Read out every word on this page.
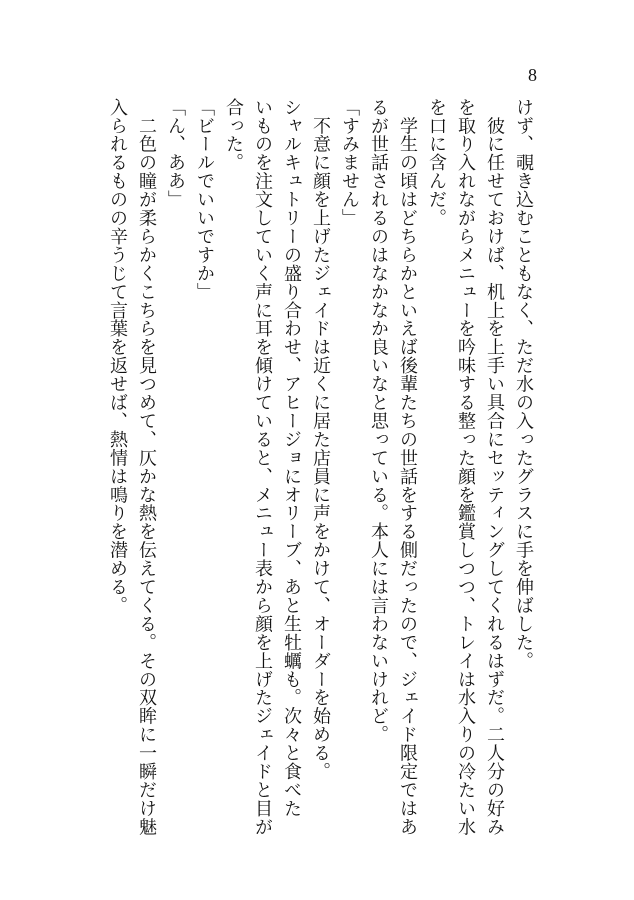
8
けず、覗き込むこともなく、ただ水の入ったグラスに手を伸ばした。
　彼に任せておけば、机上を上手い具合にセッティングしてくれるはずだ。二人分の好み
を取り入れながらメニューを吟味する整った顔を鑑賞しつつ、トレイは水入りの冷たい水
を口に含んだ。
　学生の頃はどちらかといえば後輩たちの世話をする側だったので、ジェイド限定ではあ
るが世話されるのはなかなか良いなと思っている。本人には言わないけれど。
「すみません」
　不意に顔を上げたジェイドは近くに居た店員に声をかけて、オーダーを始める。
シャルキュトリーの盛り合わせ、アヒージョにオリーブ、あと生牡蠣も。次々と食べた
いものを注文していく声に耳を傾けていると、メニュー表から顔を上げたジェイドと目が
合った。
「ビールでいいですか」
「ん、ああ」
　二色の瞳が柔らかくこちらを見つめて、仄かな熱を伝えてくる。その双眸に一瞬だけ魅
入られるものの辛うじて言葉を返せば、熱情は鳴りを潜める。
